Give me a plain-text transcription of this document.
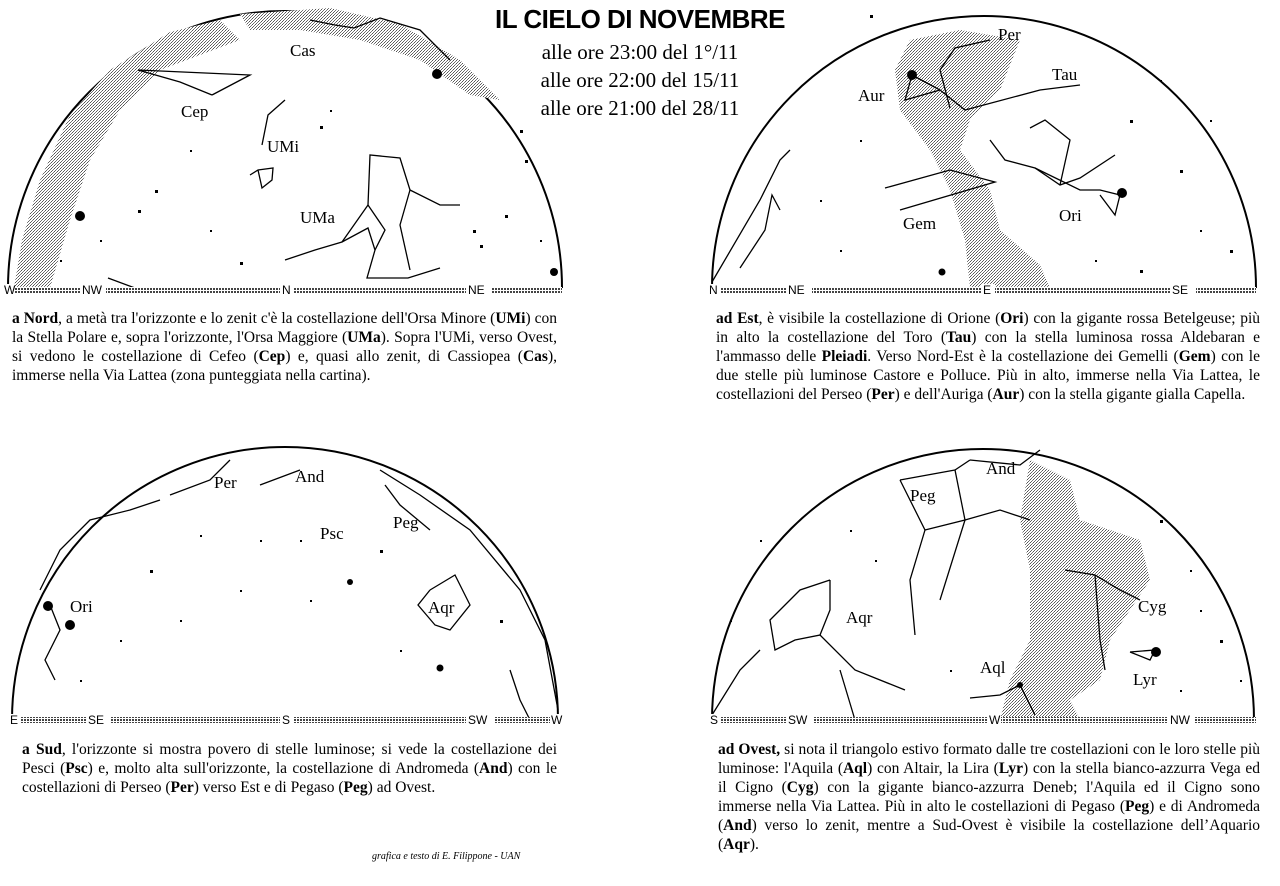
IL CIELO DI NOVEMBRE
alle ore 23:00 del 1°/11
alle ore 22:00 del 15/11
alle ore 21:00 del 28/11
Cas
Cep
UMi
UMa
W	NW	N	NE
Per
Tau
Aur
Ori
Gem
N	NE	E	SE
Per	And
Psc
Peg
Ori	Aqr
E	SE	S	SW	W
And
Peg
Aqr
Cyg
Aql
Lyr
S	SW	W	NW
a Nord, a metà tra l'orizzonte e lo zenit c'è la costellazione dell'Orsa Minore (UMi) con la Stella Polare e, sopra l'orizzonte, l'Orsa Maggiore (UMa). Sopra l'UMi, verso Ovest, si vedono le costellazione di Cefeo (Cep) e, quasi allo zenit, di Cassiopea (Cas), immerse nella Via Lattea (zona punteggiata nella cartina).
ad Est, è visibile la costellazione di Orione (Ori) con la gigante rossa Betelgeuse; più in alto la costellazione del Toro (Tau) con la stella luminosa rossa Aldebaran e l'ammasso delle Pleiadi. Verso Nord-Est è la costellazione dei Gemelli (Gem) con le due stelle più luminose Castore e Polluce. Più in alto, immerse nella Via Lattea, le costellazioni del Perseo (Per) e dell'Auriga (Aur) con la stella gigante gialla Capella.
a Sud, l'orizzonte si mostra povero di stelle luminose; si vede la costellazione dei Pesci (Psc) e, molto alta sull'orizzonte, la costellazione di Andromeda (And) con le costellazioni di Perseo (Per) verso Est e di Pegaso (Peg) ad Ovest.
ad Ovest, si nota il triangolo estivo formato dalle tre costellazioni con le loro stelle più luminose: l'Aquila (Aql) con Altair, la Lira (Lyr) con la stella bianco-azzurra Vega ed il Cigno (Cyg) con la gigante bianco-azzurra Deneb; l'Aquila ed il Cigno sono immerse nella Via Lattea. Più in alto le costellazioni di Pegaso (Peg) e di Andromeda (And) verso lo zenit, mentre a Sud-Ovest è visibile la costellazione dell’Aquario (Aqr).
grafica e testo di E. Filippone - UAN
